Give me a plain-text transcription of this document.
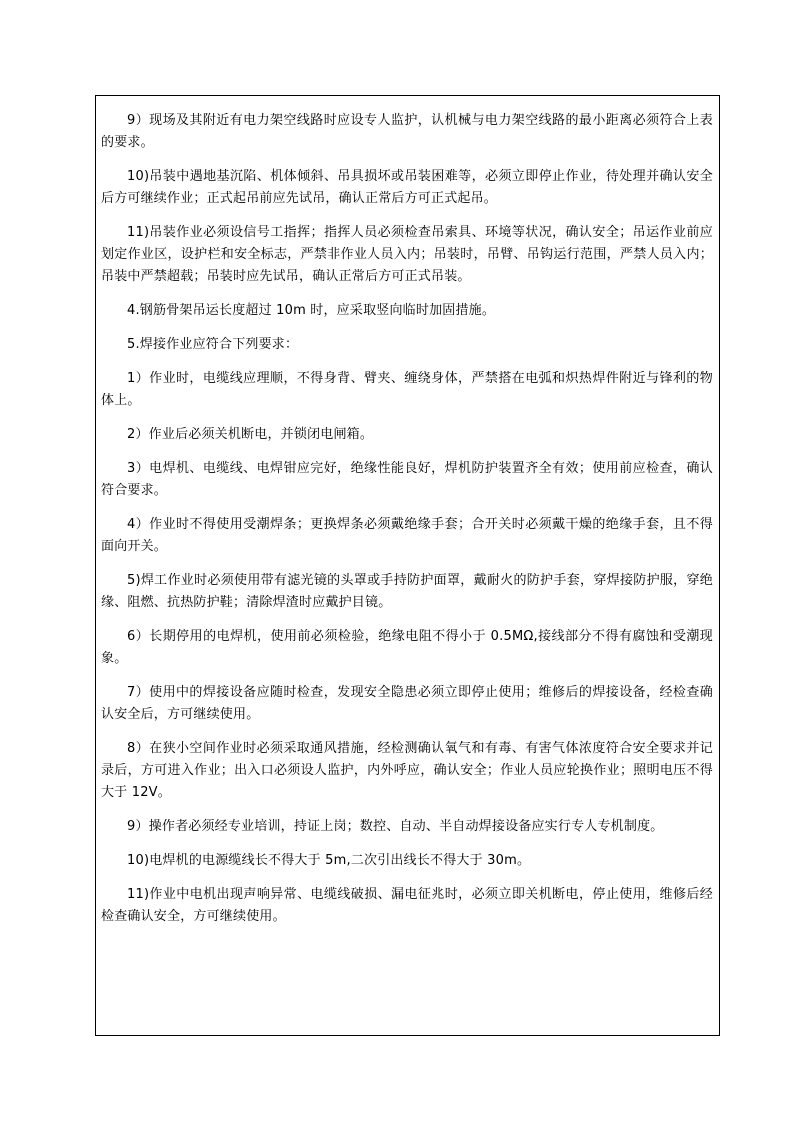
9）现场及其附近有电力架空线路时应设专人监护，认机械与电力架空线路的最小距离必须符合上表的要求。

10)吊装中遇地基沉陷、机体倾斜、吊具损坏或吊装困难等，必须立即停止作业，待处理并确认安全后方可继续作业；正式起吊前应先试吊，确认正常后方可正式起吊。

11)吊装作业必须设信号工指挥；指挥人员必须检查吊索具、环境等状况，确认安全；吊运作业前应划定作业区，设护栏和安全标志，严禁非作业人员入内；吊装时，吊臂、吊钩运行范围，严禁人员入内；吊装中严禁超载；吊装时应先试吊，确认正常后方可正式吊装。

4.钢筋骨架吊运长度超过 10m 时，应采取竖向临时加固措施。

5.焊接作业应符合下列要求：

1）作业时，电缆线应理顺，不得身背、臂夹、缠绕身体，严禁搭在电弧和炽热焊件附近与锋利的物体上。

2）作业后必须关机断电，并锁闭电闸箱。

3）电焊机、电缆线、电焊钳应完好，绝缘性能良好，焊机防护装置齐全有效；使用前应检查，确认符合要求。

4）作业时不得使用受潮焊条；更换焊条必须戴绝缘手套；合开关时必须戴干燥的绝缘手套，且不得面向开关。

5)焊工作业时必须使用带有滤光镜的头罩或手持防护面罩，戴耐火的防护手套，穿焊接防护服，穿绝缘、阻燃、抗热防护鞋；清除焊渣时应戴护目镜。

6）长期停用的电焊机，使用前必须检验，绝缘电阻不得小于 0.5MΩ,接线部分不得有腐蚀和受潮现象。

7）使用中的焊接设备应随时检查，发现安全隐患必须立即停止使用；维修后的焊接设备，经检查确认安全后，方可继续使用。

8）在狭小空间作业时必须采取通风措施，经检测确认氧气和有毒、有害气体浓度符合安全要求并记录后，方可进入作业；出入口必须设人监护，内外呼应，确认安全；作业人员应轮换作业；照明电压不得大于 12V。

9）操作者必须经专业培训，持证上岗；数控、自动、半自动焊接设备应实行专人专机制度。

10)电焊机的电源缆线长不得大于 5m,二次引出线长不得大于 30m。

11)作业中电机出现声响异常、电缆线破损、漏电征兆时，必须立即关机断电，停止使用，维修后经检查确认安全，方可继续使用。
